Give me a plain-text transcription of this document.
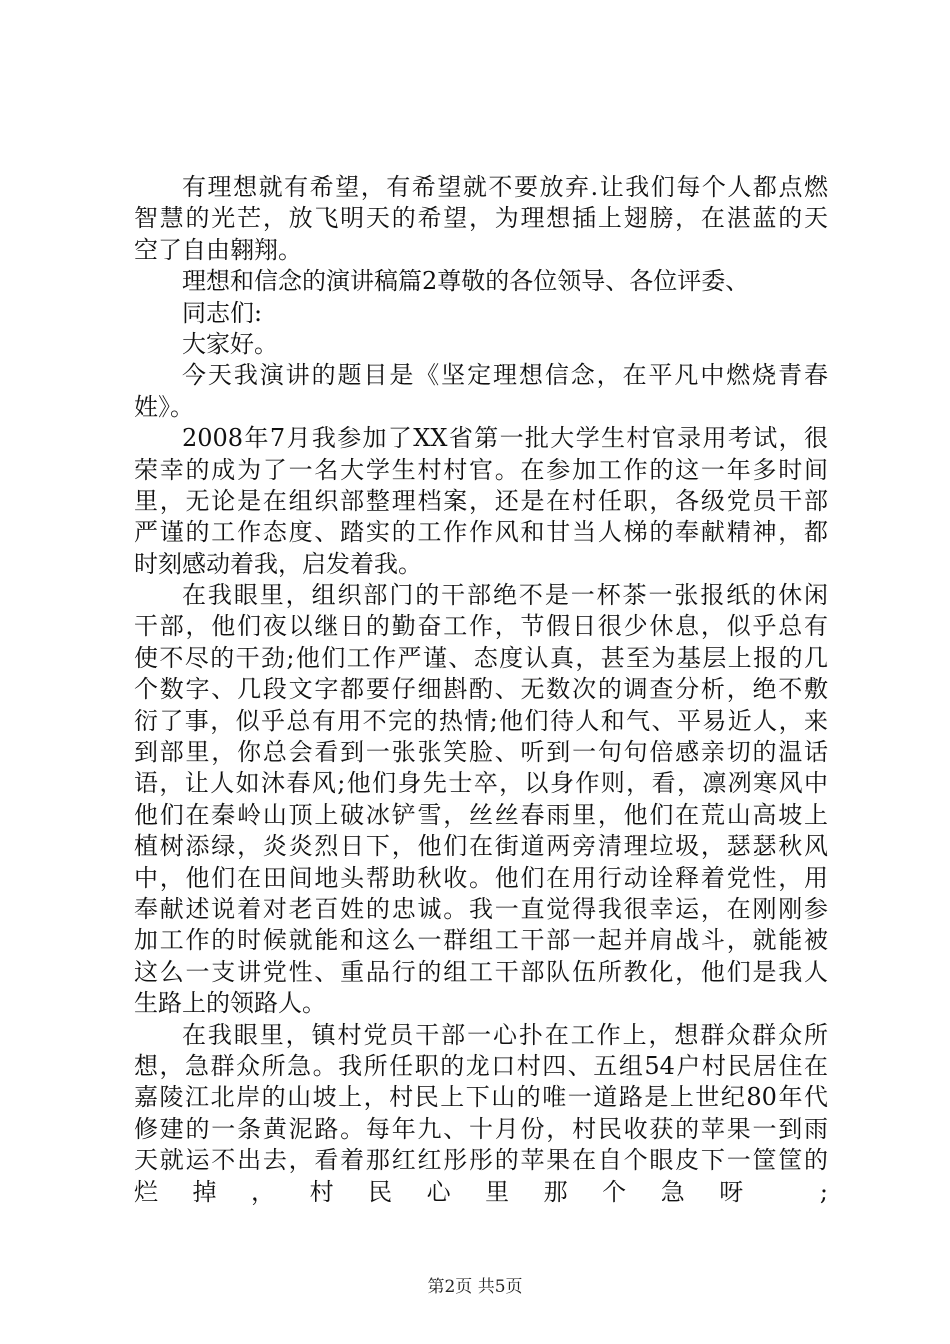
有理想就有希望，有希望就不要放弃.让我们每个人都点燃
智慧的光芒，放飞明天的希望，为理想插上翅膀，在湛蓝的天
空了自由翱翔。
理想和信念的演讲稿篇2尊敬的各位领导、各位评委、
同志们:
大家好。
今天我演讲的题目是《坚定理想信念，在平凡中燃烧青春
姓》。
2008年7月我参加了XX省第一批大学生村官录用考试，很
荣幸的成为了一名大学生村村官。在参加工作的这一年多时间
里，无论是在组织部整理档案，还是在村任职，各级党员干部
严谨的工作态度、踏实的工作作风和甘当人梯的奉献精神，都
时刻感动着我，启发着我。
在我眼里，组织部门的干部绝不是一杯茶一张报纸的休闲
干部，他们夜以继日的勤奋工作，节假日很少休息，似乎总有
使不尽的干劲;他们工作严谨、态度认真，甚至为基层上报的几
个数字、几段文字都要仔细斟酌、无数次的调查分析，绝不敷
衍了事，似乎总有用不完的热情;他们待人和气、平易近人，来
到部里，你总会看到一张张笑脸、听到一句句倍感亲切的温话
语，让人如沐春风;他们身先士卒，以身作则，看，凛冽寒风中
他们在秦岭山顶上破冰铲雪，丝丝春雨里，他们在荒山高坡上
植树添绿，炎炎烈日下，他们在街道两旁清理垃圾，瑟瑟秋风
中，他们在田间地头帮助秋收。他们在用行动诠释着党性，用
奉献述说着对老百姓的忠诚。我一直觉得我很幸运，在刚刚参
加工作的时候就能和这么一群组工干部一起并肩战斗，就能被
这么一支讲党性、重品行的组工干部队伍所教化，他们是我人
生路上的领路人。
在我眼里，镇村党员干部一心扑在工作上，想群众群众所
想，急群众所急。我所任职的龙口村四、五组54户村民居住在
嘉陵江北岸的山坡上，村民上下山的唯一道路是上世纪80年代
修建的一条黄泥路。每年九、十月份，村民收获的苹果一到雨
天就运不出去，看着那红红彤彤的苹果在自个眼皮下一筐筐的
烂掉，村民心里那个急呀 ;
第2页 共5页
